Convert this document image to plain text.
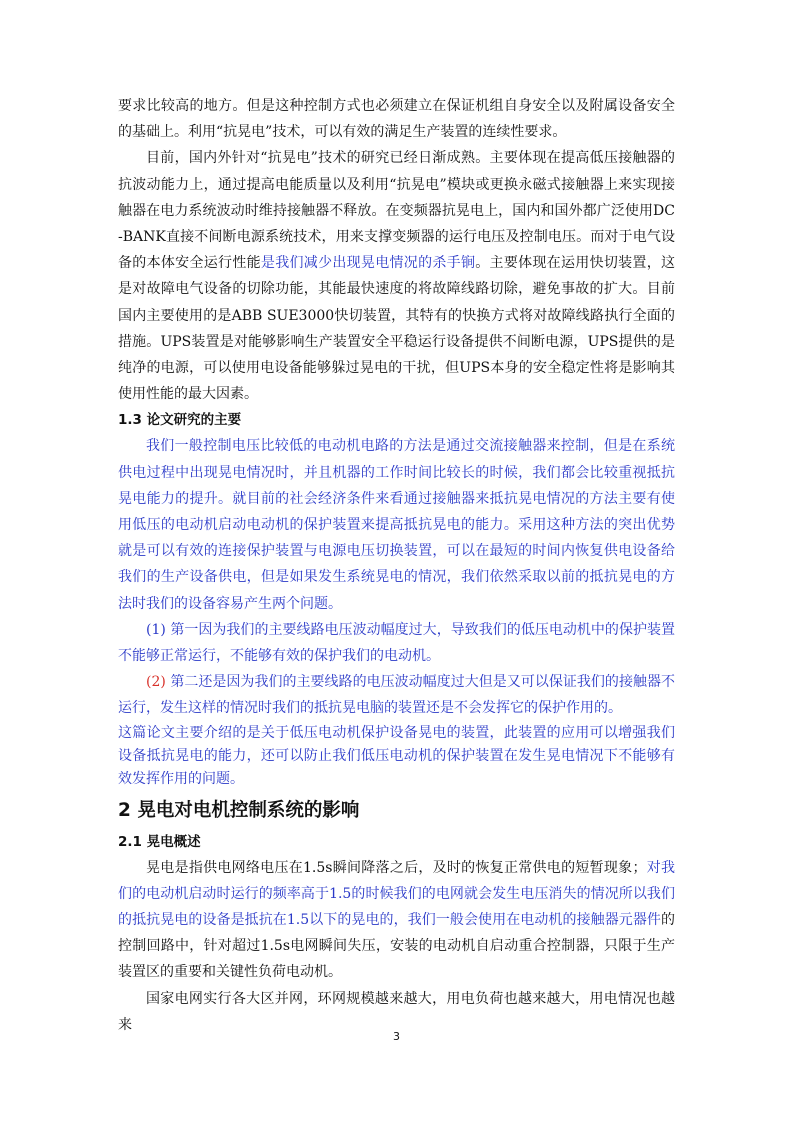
要求比较高的地方。但是这种控制方式也必须建立在保证机组自身安全以及附属设备安全的基础上。利用“抗晃电”技术，可以有效的满足生产装置的连续性要求。

目前，国内外针对“抗晃电”技术的研究已经日渐成熟。主要体现在提高低压接触器的抗波动能力上，通过提高电能质量以及利用“抗晃电”模块或更换永磁式接触器上来实现接触器在电力系统波动时维持接触器不释放。在变频器抗晃电上，国内和国外都广泛使用DC-BANK直接不间断电源系统技术，用来支撑变频器的运行电压及控制电压。而对于电气设备的本体安全运行性能是我们减少出现晃电情况的杀手锏。主要体现在运用快切装置，这是对故障电气设备的切除功能，其能最快速度的将故障线路切除，避免事故的扩大。目前国内主要使用的是ABB SUE3000快切装置，其特有的快换方式将对故障线路执行全面的措施。UPS装置是对能够影响生产装置安全平稳运行设备提供不间断电源，UPS提供的是纯净的电源，可以使用电设备能够躲过晃电的干扰，但UPS本身的安全稳定性将是影响其使用性能的最大因素。

1.3 论文研究的主要

我们一般控制电压比较低的电动机电路的方法是通过交流接触器来控制，但是在系统供电过程中出现晃电情况时，并且机器的工作时间比较长的时候，我们都会比较重视抵抗晃电能力的提升。就目前的社会经济条件来看通过接触器来抵抗晃电情况的方法主要有使用低压的电动机启动电动机的保护装置来提高抵抗晃电的能力。采用这种方法的突出优势就是可以有效的连接保护装置与电源电压切换装置，可以在最短的时间内恢复供电设备给我们的生产设备供电，但是如果发生系统晃电的情况，我们依然采取以前的抵抗晃电的方法时我们的设备容易产生两个问题。

(1) 第一因为我们的主要线路电压波动幅度过大，导致我们的低压电动机中的保护装置不能够正常运行，不能够有效的保护我们的电动机。

(2) 第二还是因为我们的主要线路的电压波动幅度过大但是又可以保证我们的接触器不运行，发生这样的情况时我们的抵抗晃电脑的装置还是不会发挥它的保护作用的。

这篇论文主要介绍的是关于低压电动机保护设备晃电的装置，此装置的应用可以增强我们设备抵抗晃电的能力，还可以防止我们低压电动机的保护装置在发生晃电情况下不能够有效发挥作用的问题。

2 晃电对电机控制系统的影响
2.1 晃电概述

晃电是指供电网络电压在1.5s瞬间降落之后，及时的恢复正常供电的短暂现象；对我们的电动机启动时运行的频率高于1.5的时候我们的电网就会发生电压消失的情况所以我们的抵抗晃电的设备是抵抗在1.5以下的晃电的，我们一般会使用在电动机的接触器元器件的控制回路中，针对超过1.5s电网瞬间失压，安装的电动机自启动重合控制器，只限于生产装置区的重要和关键性负荷电动机。

国家电网实行各大区并网，环网规模越来越大，用电负荷也越来越大，用电情况也越来

3
